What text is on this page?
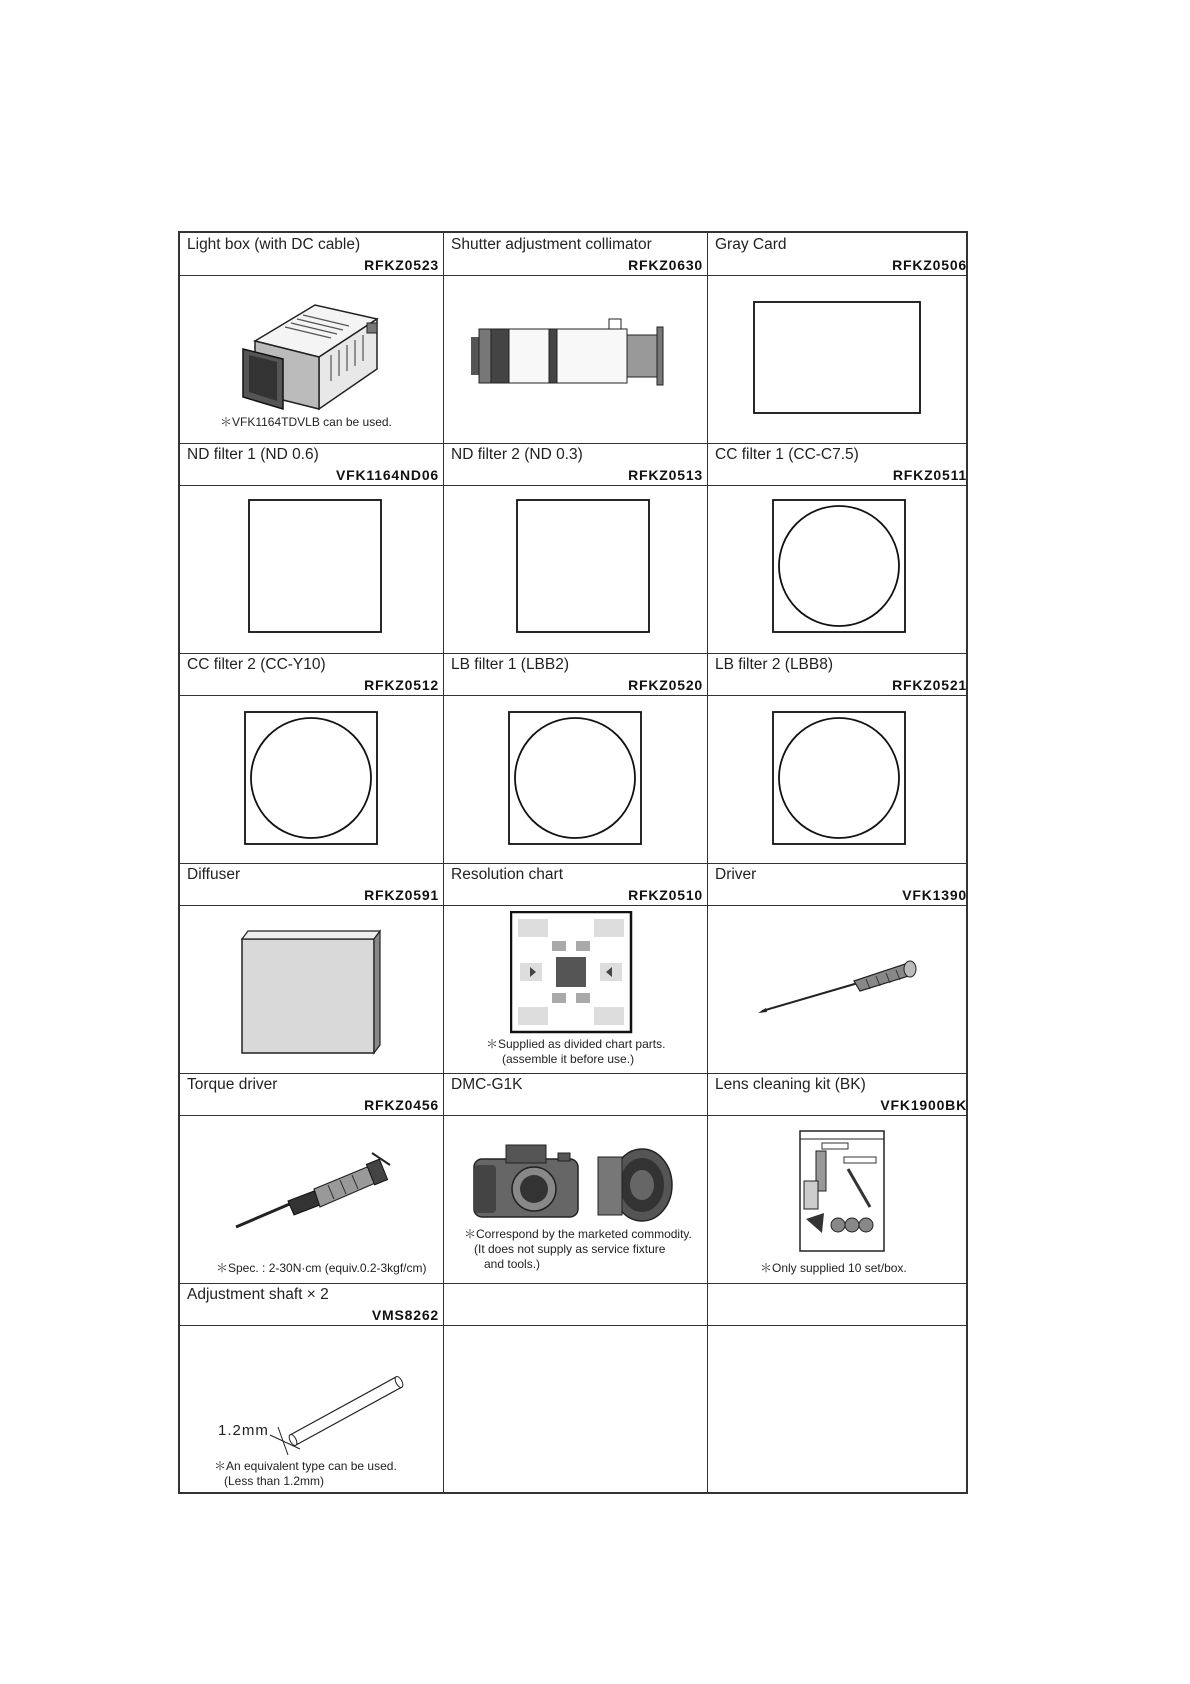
Light box (with DC cable)
RFKZ0523
＊VFK1164TDVLB can be used.
Shutter adjustment collimator
RFKZ0630
Gray Card
RFKZ0506
ND filter 1 (ND 0.6)
VFK1164ND06
ND filter 2 (ND 0.3)
RFKZ0513
CC filter 1 (CC-C7.5)
RFKZ0511
CC filter 2 (CC-Y10)
RFKZ0512
LB filter 1 (LBB2)
RFKZ0520
LB filter 2 (LBB8)
RFKZ0521
Diffuser
RFKZ0591
Resolution chart
RFKZ0510
＊Supplied as divided chart parts.
(assemble it before use.)
Driver
VFK1390
Torque driver
RFKZ0456
＊Spec. : 2-30N·cm (equiv.0.2-3kgf/cm)
DMC-G1K
＊Correspond by the marketed commodity.
(It does not supply as service fixture
and tools.)
Lens cleaning kit (BK)
VFK1900BK
＊Only supplied 10 set/box.
Adjustment shaft × 2
VMS8262
1.2mm
＊An equivalent type can be used.
(Less than 1.2mm)
